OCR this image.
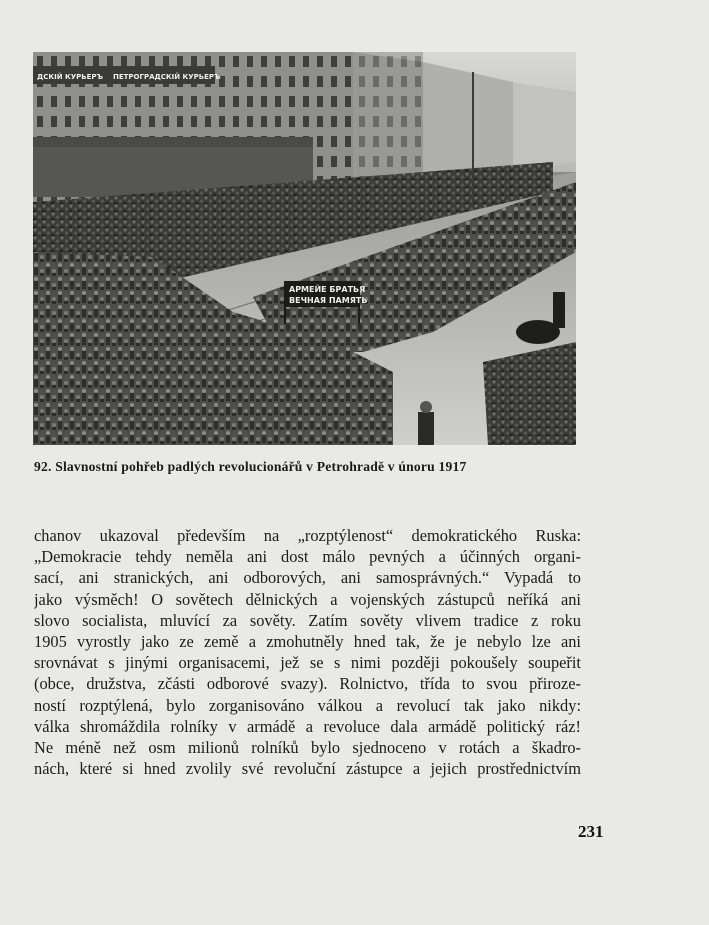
ДСКІЙ КУРЬЕРЪ ПЕТРОГРАДСКІЙ КУРЬЕРЪ
АРМЕЙЕ БРАТЬЯ
ВЕЧНАЯ ПАМЯТЬ
92. Slavnostní pohřeb padlých revolucionářů v Petrohradě v únoru 1917
chanov ukazoval především na „rozptýlenost“ demokratického Ruska:
„Demokracie tehdy neměla ani dost málo pevných a účinných organi-
sací, ani stranických, ani odborových, ani samosprávných.“ Vypadá to
jako výsměch! O sovětech dělnických a vojenských zástupců neříká ani
slovo socialista, mluvící za sověty. Zatím sověty vlivem tradice z roku
1905 vyrostly jako ze země a zmohutněly hned tak, že je nebylo lze ani
srovnávat s jinými organisacemi, jež se s nimi později pokoušely soupeřit
(obce, družstva, zčásti odborové svazy). Rolnictvo, třída to svou přiroze-
ností rozptýlená, bylo zorganisováno válkou a revolucí tak jako nikdy:
válka shromáždila rolníky v armádě a revoluce dala armádě politický ráz!
Ne méně než osm milionů rolníků bylo sjednoceno v rotách a škadro-
nách, které si hned zvolily své revoluční zástupce a jejich prostřednictvím
231
